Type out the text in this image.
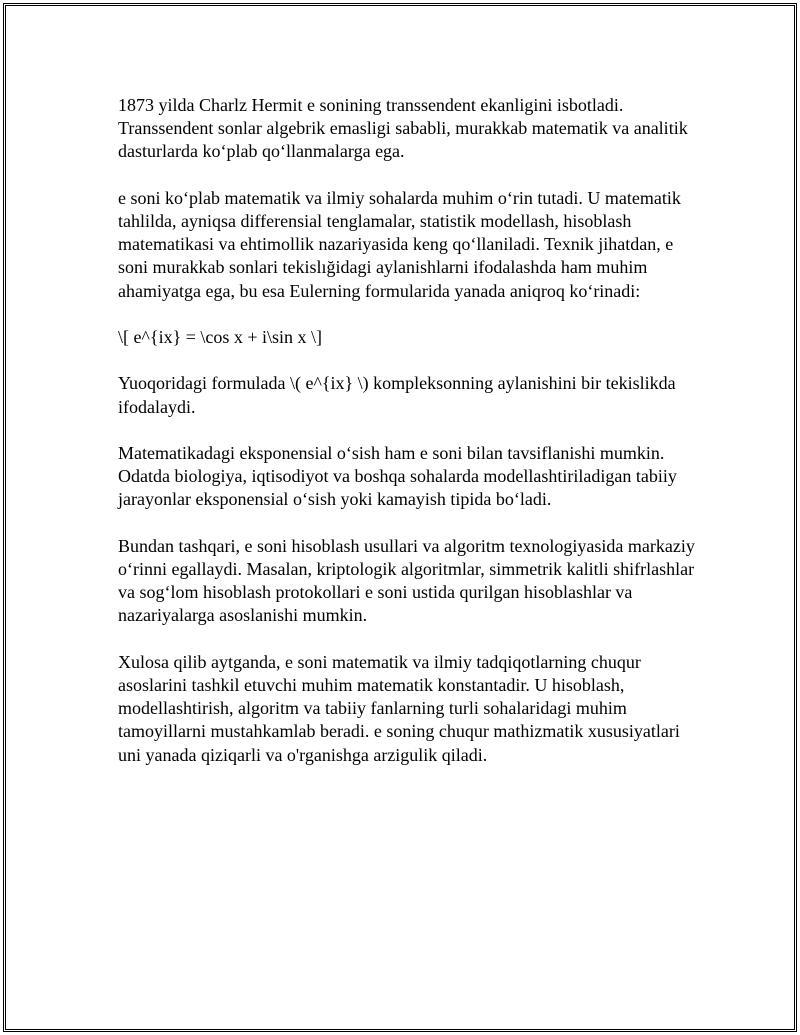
1873 yilda Charlz Hermit e sonining transsendent ekanligini isbotladi. Transsendent sonlar algebrik emasligi sababli, murakkab matematik va analitik dasturlarda koʻplab qoʻllanmalarga ega.

e soni koʻplab matematik va ilmiy sohalarda muhim oʻrin tutadi. U matematik tahlilda, ayniqsa differensial tenglamalar, statistik modellash, hisoblash matematikasi va ehtimollik nazariyasida keng qoʻllaniladi. Texnik jihatdan, e soni murakkab sonlari tekislığidagi aylanishlarni ifodalashda ham muhim ahamiyatga ega, bu esa Eulerning formularida yanada aniqroq koʻrinadi:

\[ e^{ix} = \cos x + i\sin x \]

Yuoqoridagi formulada \( e^{ix} \) kompleksonning aylanishini bir tekislikda ifodalaydi.

Matematikadagi eksponensial oʻsish ham e soni bilan tavsiflanishi mumkin. Odatda biologiya, iqtisodiyot va boshqa sohalarda modellashtiriladigan tabiiy jarayonlar eksponensial oʻsish yoki kamayish tipida boʻladi.

Bundan tashqari, e soni hisoblash usullari va algoritm texnologiyasida markaziy oʻrinni egallaydi. Masalan, kriptologik algoritmlar, simmetrik kalitli shifrlashlar va sogʻlom hisoblash protokollari e soni ustida qurilgan hisoblashlar va nazariyalarga asoslanishi mumkin.

Xulosa qilib aytganda, e soni matematik va ilmiy tadqiqotlarning chuqur asoslarini tashkil etuvchi muhim matematik konstantadir. U hisoblash, modellashtirish, algoritm va tabiiy fanlarning turli sohalaridagi muhim tamoyillarni mustahkamlab beradi. e soning chuqur mathizmatik xususiyatlari uni yanada qiziqarli va o'rganishga arzigulik qiladi.
